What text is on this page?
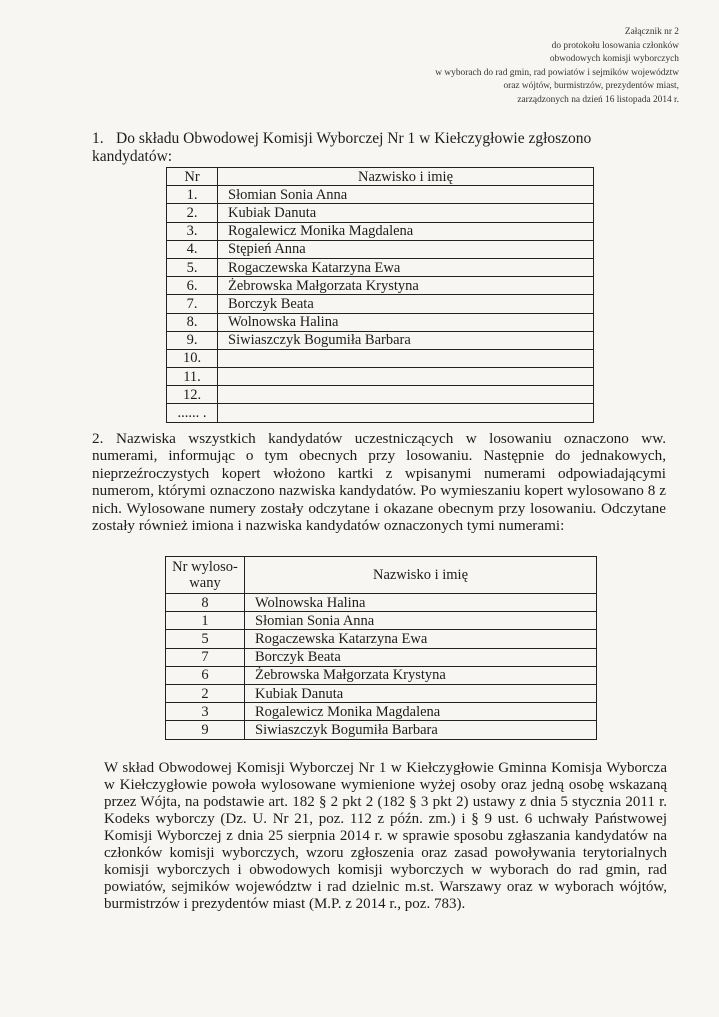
Załącznik nr 2
do protokołu losowania członków
obwodowych komisji wyborczych
w wyborach do rad gmin, rad powiatów i sejmików województw
oraz wójtów, burmistrzów, prezydentów miast,
zarządzonych na dzień 16 listopada 2014 r.
1. Do składu Obwodowej Komisji Wyborczej Nr 1 w Kiełczygłowie zgłoszono kandydatów:
Nr	Nazwisko i imię
1.	Słomian Sonia Anna
2.	Kubiak Danuta
3.	Rogalewicz Monika Magdalena
4.	Stępień Anna
5.	Rogaczewska Katarzyna Ewa
6.	Żebrowska Małgorzata Krystyna
7.	Borczyk Beata
8.	Wolnowska Halina
9.	Siwiaszczyk Bogumiła Barbara
10.	
11.	
12.	
...... .	
2. Nazwiska wszystkich kandydatów uczestniczących w losowaniu oznaczono ww. numerami, informując o tym obecnych przy losowaniu. Następnie do jednakowych, nieprzeźroczystych kopert włożono kartki z wpisanymi numerami odpowiadającymi numerom, którymi oznaczono nazwiska kandydatów. Po wymieszaniu kopert wylosowano 8 z nich. Wylosowane numery zostały odczytane i okazane obecnym przy losowaniu. Odczytane zostały również imiona i nazwiska kandydatów oznaczonych tymi numerami:
Nr wyloso-wany	Nazwisko i imię
8	Wolnowska Halina
1	Słomian Sonia Anna
5	Rogaczewska Katarzyna Ewa
7	Borczyk Beata
6	Żebrowska Małgorzata Krystyna
2	Kubiak Danuta
3	Rogalewicz Monika Magdalena
9	Siwiaszczyk Bogumiła Barbara
W skład Obwodowej Komisji Wyborczej Nr 1 w Kiełczygłowie Gminna Komisja Wyborcza w Kiełczygłowie powoła wylosowane wymienione wyżej osoby oraz jedną osobę wskazaną przez Wójta, na podstawie art. 182 § 2 pkt 2 (182 § 3 pkt 2) ustawy z dnia 5 stycznia 2011 r. Kodeks wyborczy (Dz. U. Nr 21, poz. 112 z późn. zm.) i § 9 ust. 6 uchwały Państwowej Komisji Wyborczej z dnia 25 sierpnia 2014 r. w sprawie sposobu zgłaszania kandydatów na członków komisji wyborczych, wzoru zgłoszenia oraz zasad powoływania terytorialnych komisji wyborczych i obwodowych komisji wyborczych w wyborach do rad gmin, rad powiatów, sejmików województw i rad dzielnic m.st. Warszawy oraz w wyborach wójtów, burmistrzów i prezydentów miast (M.P. z 2014 r., poz. 783).
